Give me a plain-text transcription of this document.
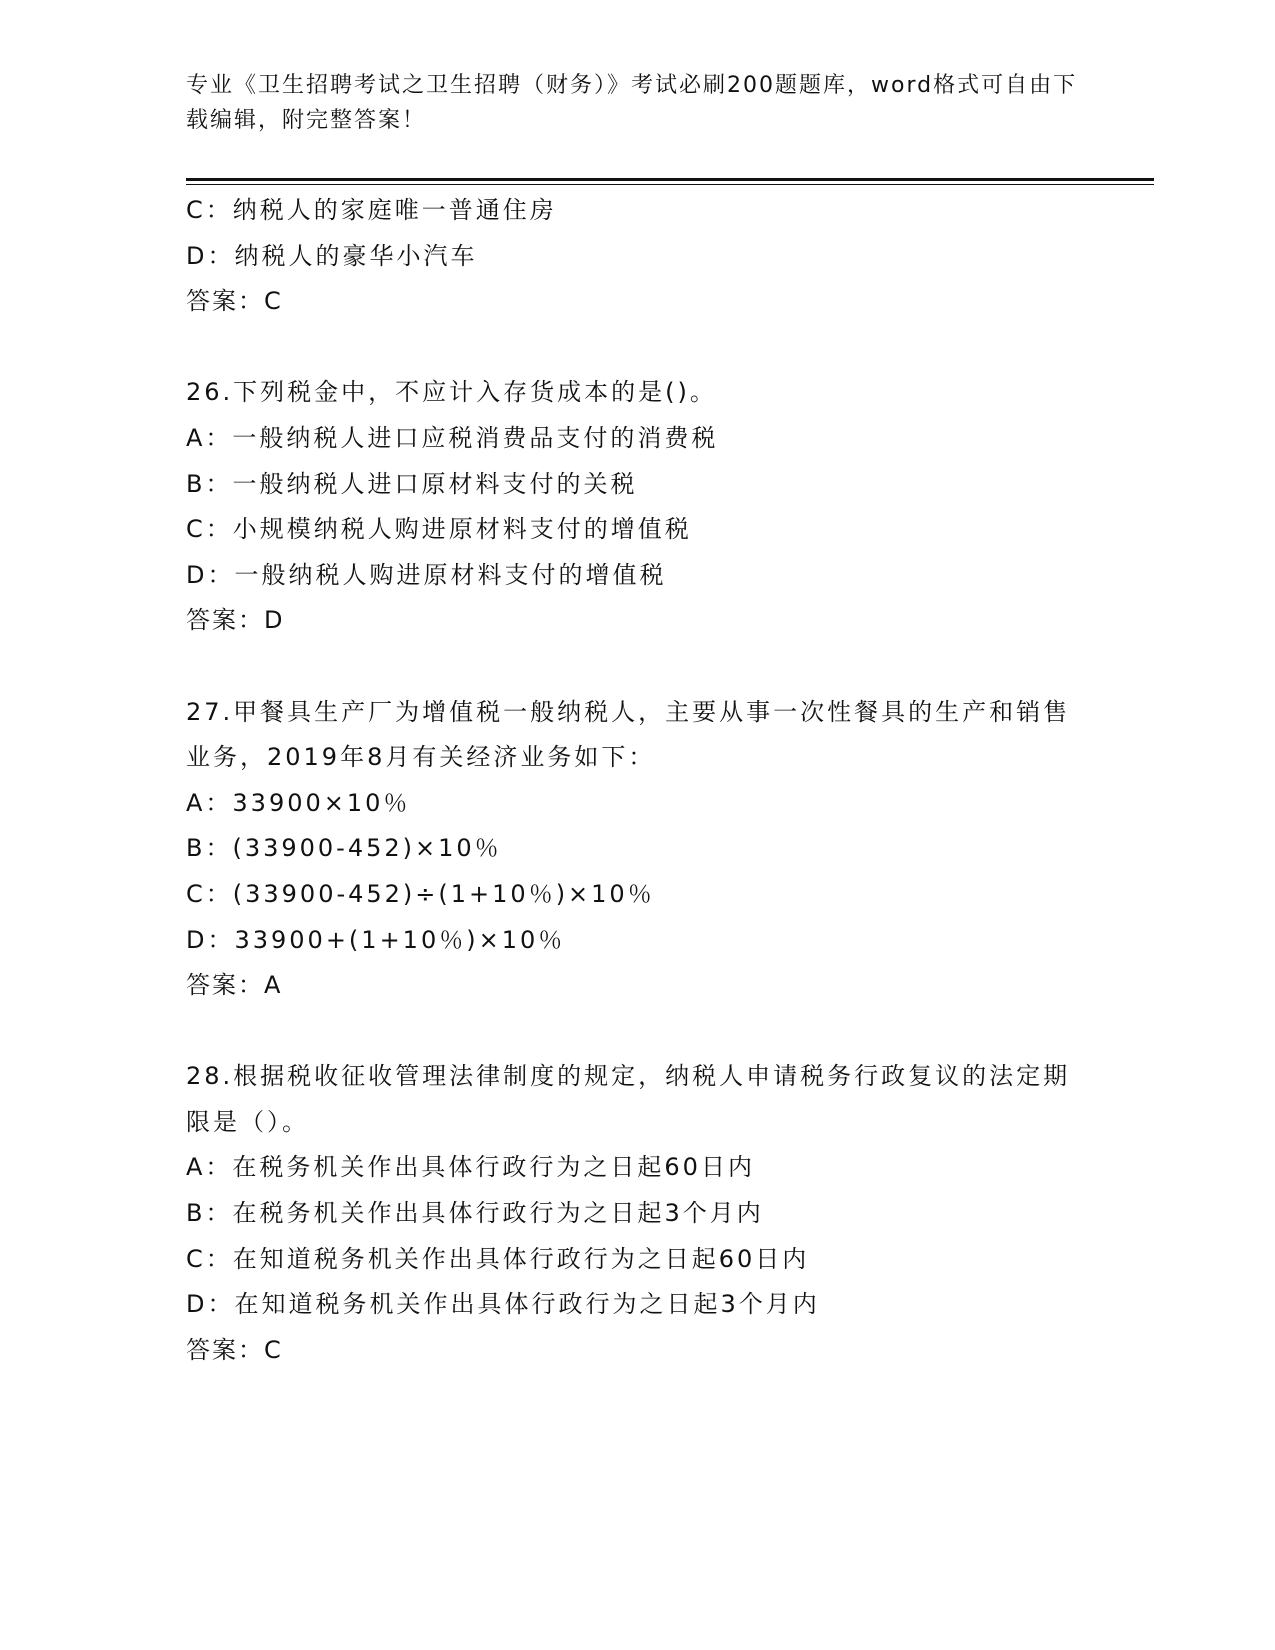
专业《卫生招聘考试之卫生招聘（财务）》考试必刷200题题库，word格式可自由下载编辑，附完整答案！
C：纳税人的家庭唯一普通住房
D：纳税人的豪华小汽车
答案：C
26.下列税金中，不应计入存货成本的是()。
A：一般纳税人进口应税消费品支付的消费税
B：一般纳税人进口原材料支付的关税
C：小规模纳税人购进原材料支付的增值税
D：一般纳税人购进原材料支付的增值税
答案：D
27.甲餐具生产厂为增值税一般纳税人，主要从事一次性餐具的生产和销售业务，2019年8月有关经济业务如下：
A：33900×10％
B：(33900-452)×10％
C：(33900-452)÷(1+10％)×10％
D：33900+(1+10％)×10％
答案：A
28.根据税收征收管理法律制度的规定，纳税人申请税务行政复议的法定期限是（）。
A：在税务机关作出具体行政行为之日起60日内
B：在税务机关作出具体行政行为之日起3个月内
C：在知道税务机关作出具体行政行为之日起60日内
D：在知道税务机关作出具体行政行为之日起3个月内
答案：C
